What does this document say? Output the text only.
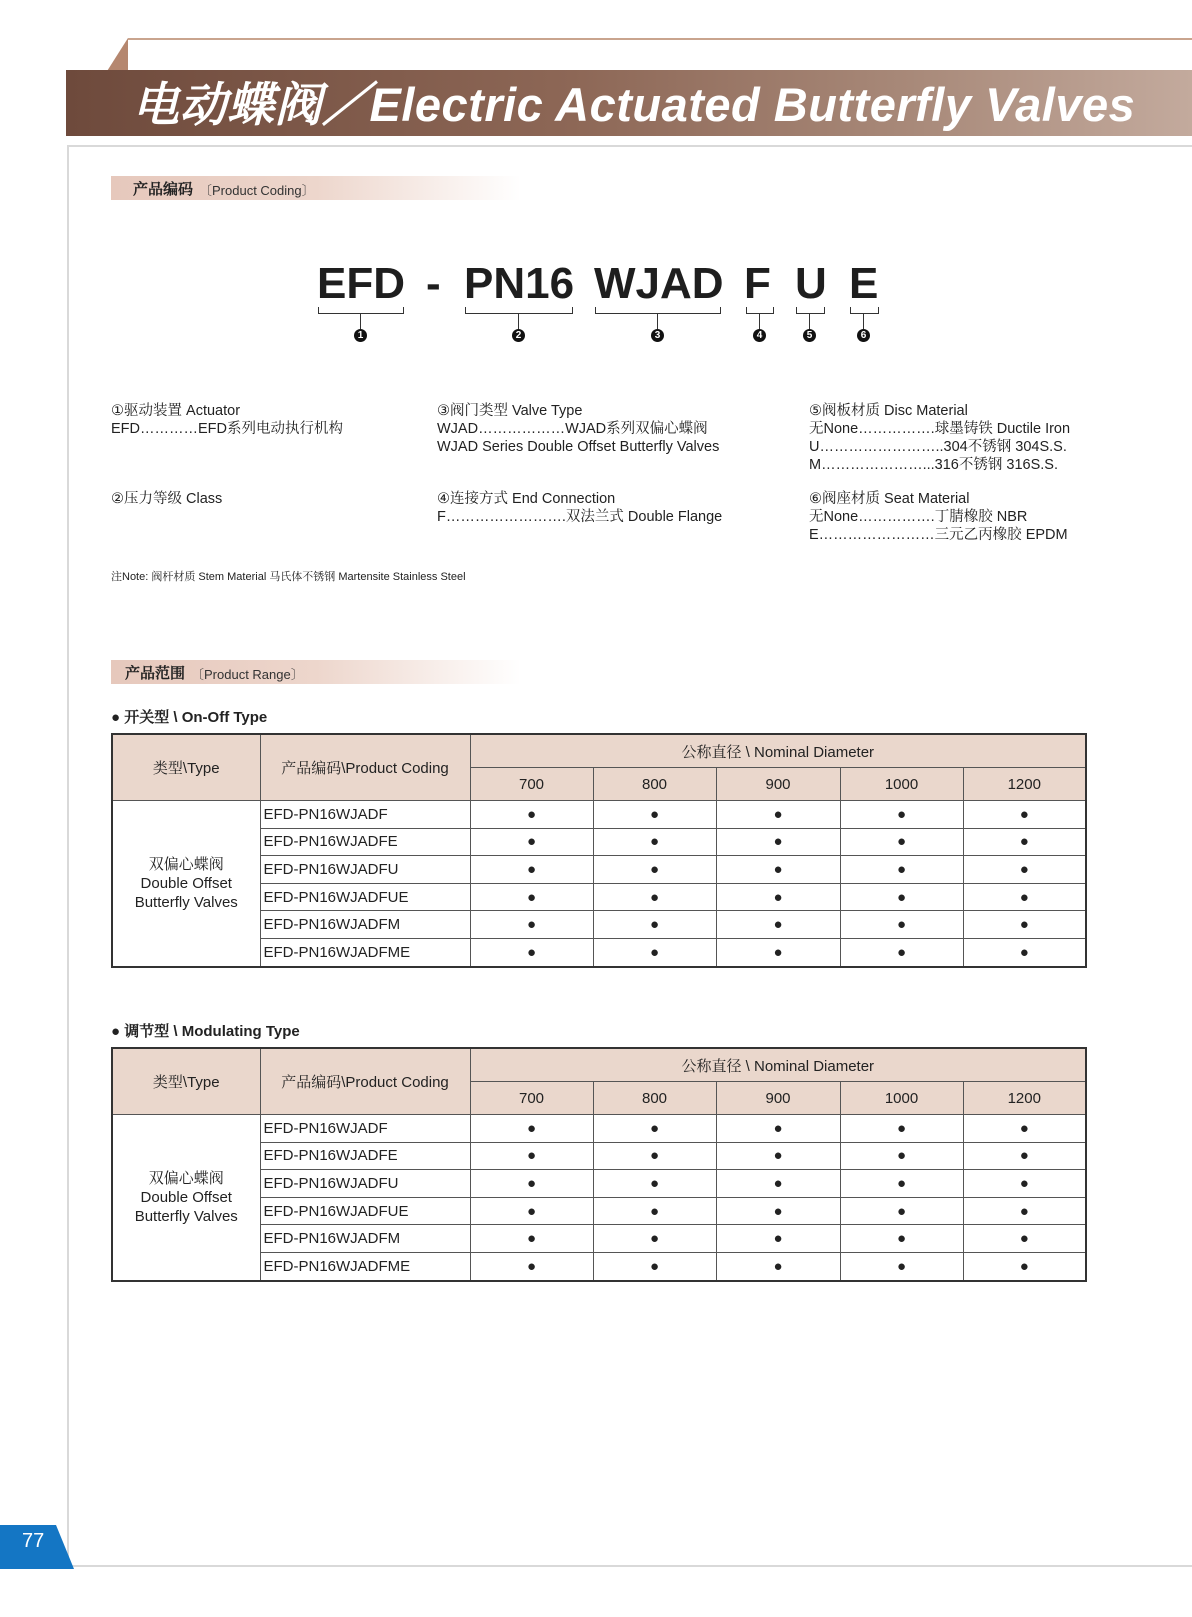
电动蝶阀／Electric Actuated Butterfly Valves
产品编码 〔Product Coding〕
EFD - PN16 WJAD F U E
1	2	3	4	5	6
①驱动装置 Actuator
EFD…………EFD系列电动执行机构
③阀门类型 Valve Type
WJAD………………WJAD系列双偏心蝶阀
WJAD Series Double Offset Butterfly Valves
⑤阀板材质 Disc Material
无None…………….球墨铸铁 Ductile Iron
U……………………..304不锈钢 304S.S.
M…………………...316不锈钢 316S.S.
②压力等级 Class	④连接方式 End Connection
F…………………….双法兰式 Double Flange
⑥阀座材质 Seat Material
无None…………….丁腈橡胶 NBR
E……………………三元乙丙橡胶 EPDM
注Note: 阀杆材质 Stem Material 马氏体不锈钢 Martensite Stainless Steel
产品范围 〔Product Range〕
● 开关型 \ On-Off Type
类型\Type	产品编码\Product Coding	公称直径 \ Nominal Diameter				
		700	800	900	1000	1200

双偏心蝶阀
Double Offset
Butterfly Valves	EFD-PN16WJADF	●	●	●	●	●
	EFD-PN16WJADFE	●	●	●	●	●
	EFD-PN16WJADFU	●	●	●	●	●
	EFD-PN16WJADFUE	●	●	●	●	●
	EFD-PN16WJADFM	●	●	●	●	●
	EFD-PN16WJADFME	●	●	●	●	●
● 调节型 \ Modulating Type
类型\Type	产品编码\Product Coding	公称直径 \ Nominal Diameter				
		700	800	900	1000	1200

双偏心蝶阀
Double Offset
Butterfly Valves	EFD-PN16WJADF	●	●	●	●	●
	EFD-PN16WJADFE	●	●	●	●	●
	EFD-PN16WJADFU	●	●	●	●	●
	EFD-PN16WJADFUE	●	●	●	●	●
	EFD-PN16WJADFM	●	●	●	●	●
	EFD-PN16WJADFME	●	●	●	●	●
77
